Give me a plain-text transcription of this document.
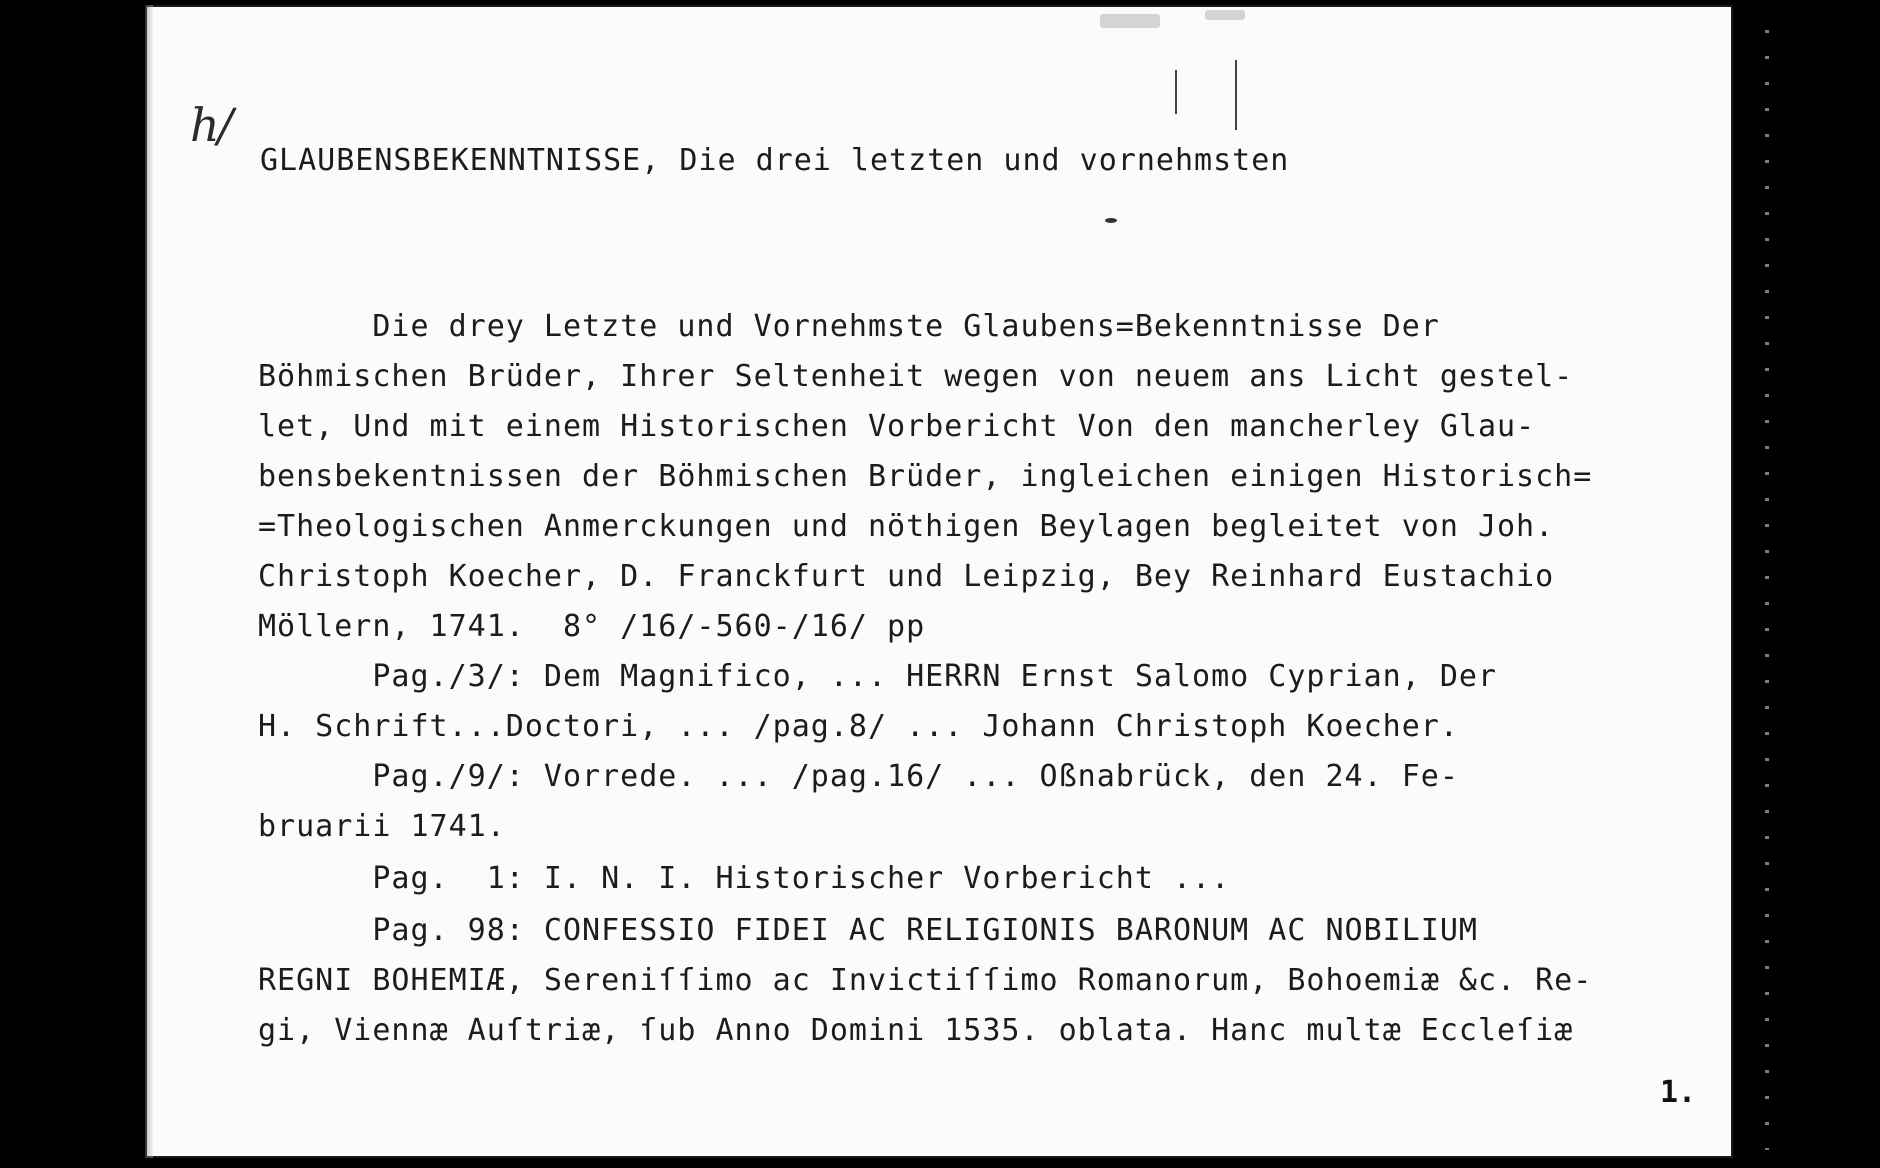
h/
GLAUBENSBEKENNTNISSE, Die drei letzten und vornehmsten
Die drey Letzte und Vornehmste Glaubens=Bekenntnisse Der
Böhmischen Brüder, Ihrer Seltenheit wegen von neuem ans Licht gestel-
let, Und mit einem Historischen Vorbericht Von den mancherley Glau-
bensbekentnissen der Böhmischen Brüder, ingleichen einigen Historisch=
=Theologischen Anmerckungen und nöthigen Beylagen begleitet von Joh.
Christoph Koecher, D. Franckfurt und Leipzig, Bey Reinhard Eustachio
Möllern, 1741.  8° /16/-560-/16/ pp
Pag./3/: Dem Magnifico, ... HERRN Ernst Salomo Cyprian, Der
H. Schrift...Doctori, ... /pag.8/ ... Johann Christoph Koecher.
Pag./9/: Vorrede. ... /pag.16/ ... Oßnabrück, den 24. Fe-
bruarii 1741.
Pag.  1: I. N. I. Historischer Vorbericht ...
Pag. 98: CONFESSIO FIDEI AC RELIGIONIS BARONUM AC NOBILIUM
REGNI BOHEMIÆ, Sereniſſimo ac Invictiſſimo Romanorum, Bohoemiæ &c. Re-
gi, Viennæ Auſtriæ, ſub Anno Domini 1535. oblata. Hanc multæ Eccleſiæ
1.
